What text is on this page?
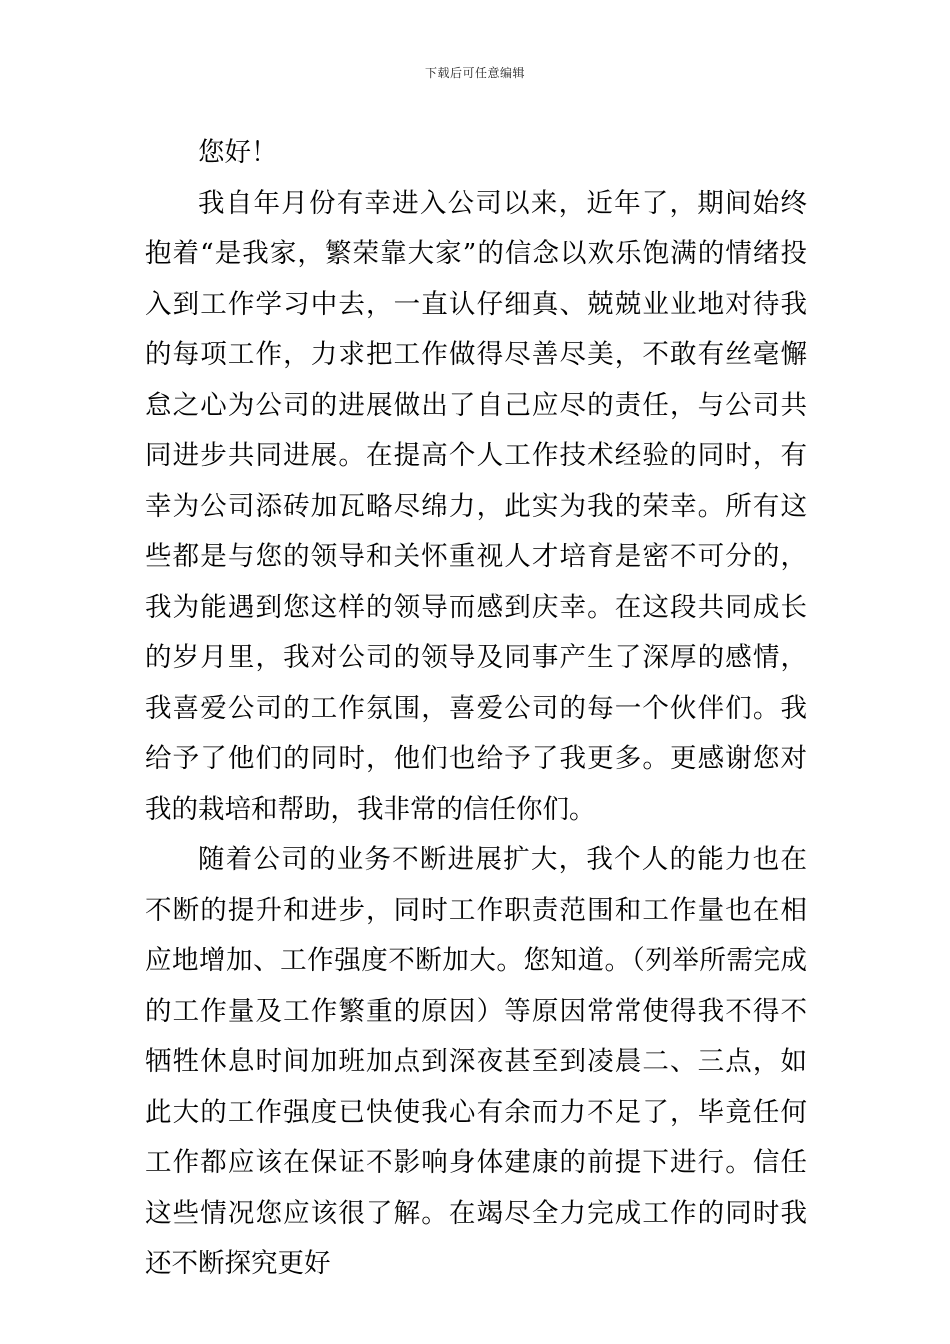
下载后可任意编辑

您好！

我自年月份有幸进入公司以来，近年了，期间始终抱着“是我家，繁荣靠大家”的信念以欢乐饱满的情绪投入到工作学习中去，一直认仔细真、兢兢业业地对待我的每项工作，力求把工作做得尽善尽美，不敢有丝毫懈怠之心为公司的进展做出了自己应尽的责任，与公司共同进步共同进展。在提高个人工作技术经验的同时，有幸为公司添砖加瓦略尽绵力，此实为我的荣幸。所有这些都是与您的领导和关怀重视人才培育是密不可分的，我为能遇到您这样的领导而感到庆幸。在这段共同成长的岁月里，我对公司的领导及同事产生了深厚的感情，我喜爱公司的工作氛围，喜爱公司的每一个伙伴们。我给予了他们的同时，他们也给予了我更多。更感谢您对我的栽培和帮助，我非常的信任你们。

随着公司的业务不断进展扩大，我个人的能力也在不断的提升和进步，同时工作职责范围和工作量也在相应地增加、工作强度不断加大。您知道。（列举所需完成的工作量及工作繁重的原因）等原因常常使得我不得不牺牲休息时间加班加点到深夜甚至到凌晨二、三点，如此大的工作强度已快使我心有余而力不足了，毕竟任何工作都应该在保证不影响身体建康的前提下进行。信任这些情况您应该很了解。在竭尽全力完成工作的同时我还不断探究更好
